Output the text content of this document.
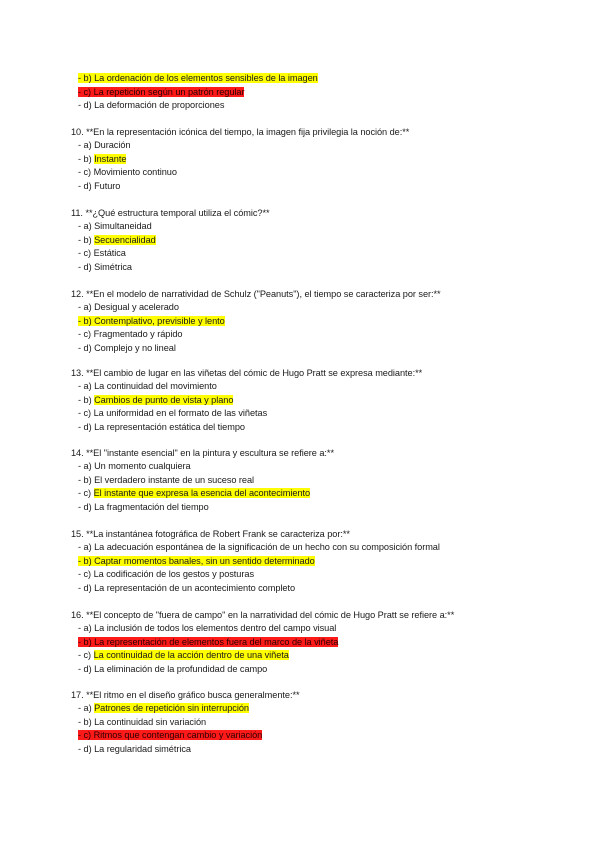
- b) La ordenación de los elementos sensibles de la imagen
- c) La repetición según un patrón regular
- d) La deformación de proporciones
10. **En la representación icónica del tiempo, la imagen fija privilegia la noción de:**
- a) Duración
- b) Instante
- c) Movimiento continuo
- d) Futuro
11. **¿Qué estructura temporal utiliza el cómic?**
- a) Simultaneidad
- b) Secuencialidad
- c) Estática
- d) Simétrica
12. **En el modelo de narratividad de Schulz ("Peanuts"), el tiempo se caracteriza por ser:**
- a) Desigual y acelerado
- b) Contemplativo, previsible y lento
- c) Fragmentado y rápido
- d) Complejo y no lineal
13. **El cambio de lugar en las viñetas del cómic de Hugo Pratt se expresa mediante:**
- a) La continuidad del movimiento
- b) Cambios de punto de vista y plano
- c) La uniformidad en el formato de las viñetas
- d) La representación estática del tiempo
14. **El "instante esencial" en la pintura y escultura se refiere a:**
- a) Un momento cualquiera
- b) El verdadero instante de un suceso real
- c) El instante que expresa la esencia del acontecimiento
- d) La fragmentación del tiempo
15. **La instantánea fotográfica de Robert Frank se caracteriza por:**
- a) La adecuación espontánea de la significación de un hecho con su composición formal
- b) Captar momentos banales, sin un sentido determinado
- c) La codificación de los gestos y posturas
- d) La representación de un acontecimiento completo
16. **El concepto de "fuera de campo" en la narratividad del cómic de Hugo Pratt se refiere a:**
- a) La inclusión de todos los elementos dentro del campo visual
- b) La representación de elementos fuera del marco de la viñeta
- c) La continuidad de la acción dentro de una viñeta
- d) La eliminación de la profundidad de campo
17. **El ritmo en el diseño gráfico busca generalmente:**
- a) Patrones de repetición sin interrupción
- b) La continuidad sin variación
- c) Ritmos que contengan cambio y variación
- d) La regularidad simétrica
